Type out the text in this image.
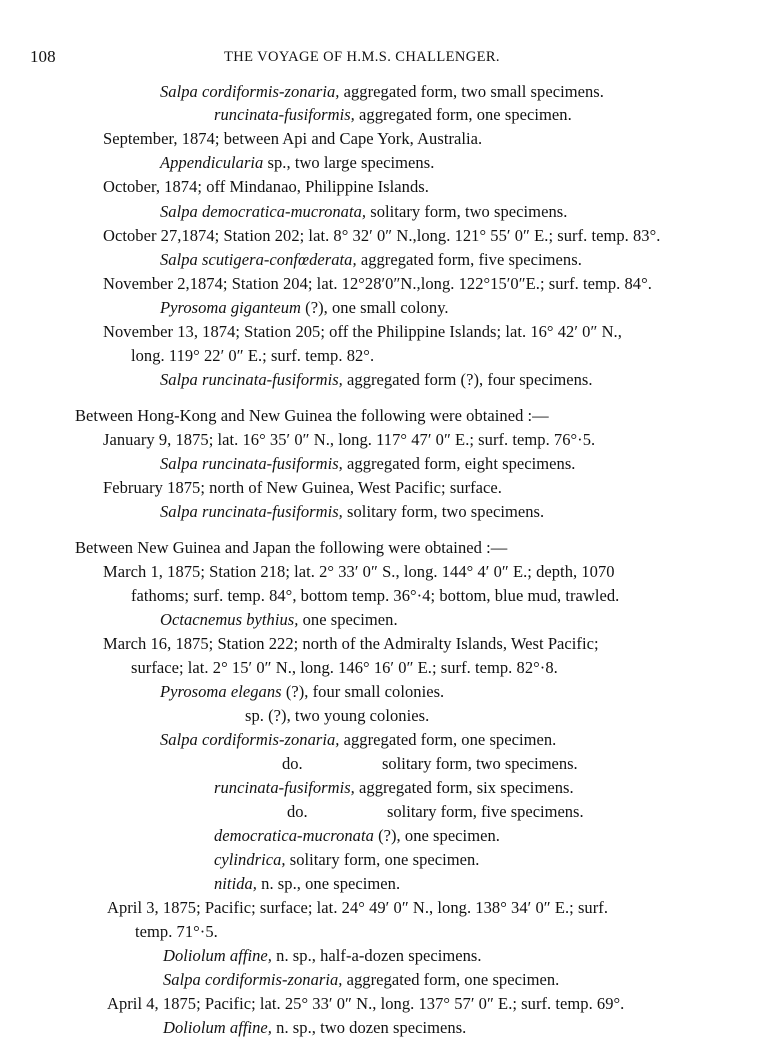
108	THE VOYAGE OF H.M.S. CHALLENGER.
Salpa cordiformis-zonaria, aggregated form, two small specimens.
runcinata-fusiformis, aggregated form, one specimen.
September, 1874; between Api and Cape York, Australia.
Appendicularia sp., two large specimens.
October, 1874; off Mindanao, Philippine Islands.
Salpa democratica-mucronata, solitary form, two specimens.
October 27,1874; Station 202; lat. 8° 32′ 0″ N.,long. 121° 55′ 0″ E.; surf. temp. 83°.
Salpa scutigera-confœderata, aggregated form, five specimens.
November 2,1874; Station 204; lat. 12°28′0″N.,long. 122°15′0″E.; surf. temp. 84°.
Pyrosoma giganteum (?), one small colony.
November 13, 1874; Station 205; off the Philippine Islands; lat. 16° 42′ 0″ N.,
long. 119° 22′ 0″ E.; surf. temp. 82°.
Salpa runcinata-fusiformis, aggregated form (?), four specimens.
Between Hong-Kong and New Guinea the following were obtained :—
January 9, 1875; lat. 16° 35′ 0″ N., long. 117° 47′ 0″ E.; surf. temp. 76°·5.
Salpa runcinata-fusiformis, aggregated form, eight specimens.
February 1875; north of New Guinea, West Pacific; surface.
Salpa runcinata-fusiformis, solitary form, two specimens.
Between New Guinea and Japan the following were obtained :—
March 1, 1875; Station 218; lat. 2° 33′ 0″ S., long. 144° 4′ 0″ E.; depth, 1070
fathoms; surf. temp. 84°, bottom temp. 36°·4; bottom, blue mud, trawled.
Octacnemus bythius, one specimen.
March 16, 1875; Station 222; north of the Admiralty Islands, West Pacific;
surface; lat. 2° 15′ 0″ N., long. 146° 16′ 0″ E.; surf. temp. 82°·8.
Pyrosoma elegans (?), four small colonies.
sp. (?), two young colonies.
Salpa cordiformis-zonaria, aggregated form, one specimen.
do.	solitary form, two specimens.
runcinata-fusiformis, aggregated form, six specimens.
do.	solitary form, five specimens.
democratica-mucronata (?), one specimen.
cylindrica, solitary form, one specimen.
nitida, n. sp., one specimen.
April 3, 1875; Pacific; surface; lat. 24° 49′ 0″ N., long. 138° 34′ 0″ E.; surf.
temp. 71°·5.
Doliolum affine, n. sp., half-a-dozen specimens.
Salpa cordiformis-zonaria, aggregated form, one specimen.
April 4, 1875; Pacific; lat. 25° 33′ 0″ N., long. 137° 57′ 0″ E.; surf. temp. 69°.
Doliolum affine, n. sp., two dozen specimens.
